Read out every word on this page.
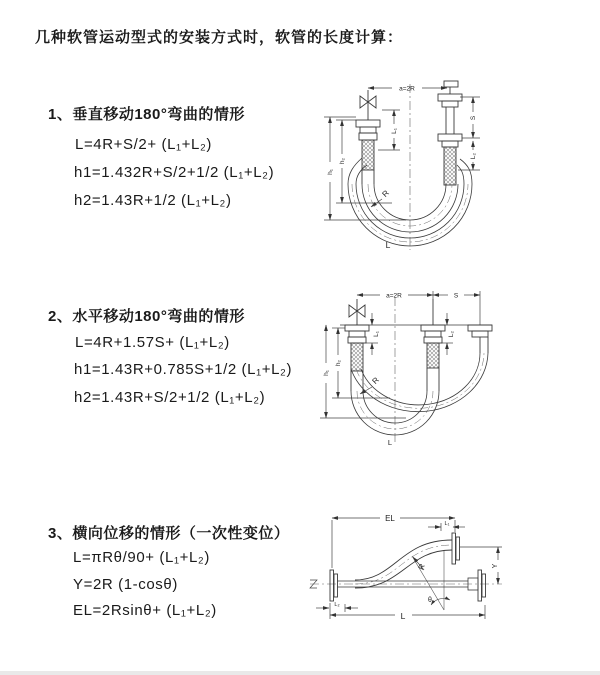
几种软管运动型式的安装方式时，软管的长度计算：
1、垂直移动180°弯曲的情形
L=4R+S/2+ (L₁+L₂)
h1=1.432R+S/2+1/2 (L₁+L₂)
h2=1.43R+1/2 (L₁+L₂)
2、水平移动180°弯曲的情形
L=4R+1.57S+ (L₁+L₂)
h1=1.43R+0.785S+1/2 (L₁+L₂)
h2=1.43R+S/2+1/2 (L₁+L₂)
3、横向位移的情形（一次性变位）
L=πRθ/90+ (L₁+L₂)
Y=2R (1-cosθ)
EL=2Rsinθ+ (L₁+L₂)
a=2R
L₁
S
L₂
h₁
h₂
R
L
a=2R	S
L₁	L₂
h₁
h₂
R
L
EL
L₁
Y
R
θ
L₂
L
